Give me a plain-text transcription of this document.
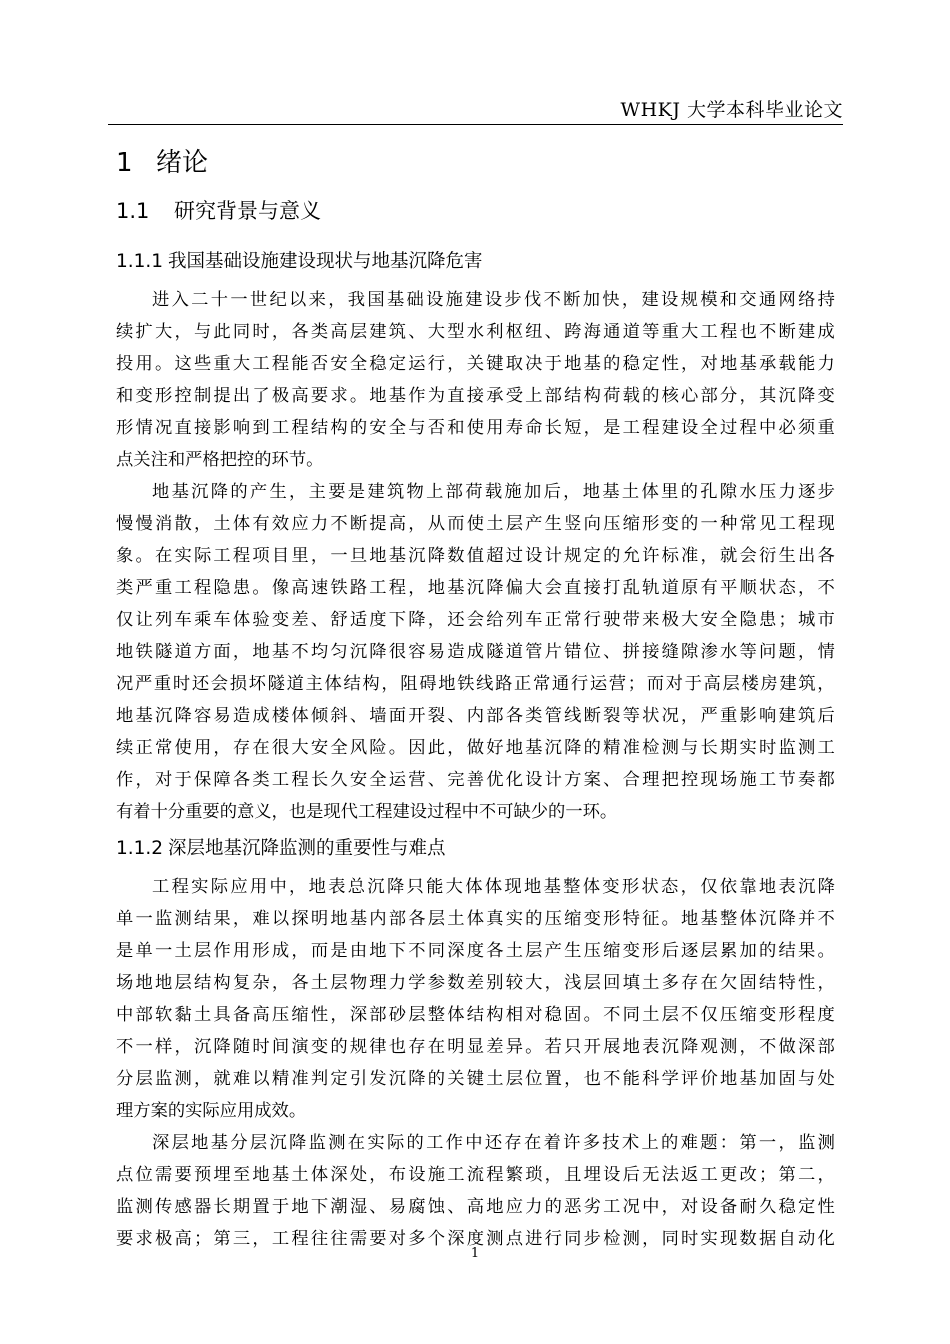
WHKJ 大学本科毕业论文
1 绪论
1.1 研究背景与意义
1.1.1 我国基础设施建设现状与地基沉降危害
进 入 二 十 一 世 纪 以 来 ， 我 国 基 础 设 施 建 设 步 伐 不 断 加 快 ， 建 设 规 模 和 交 通 网 络 持
续 扩 大 ， 与 此 同 时 ， 各 类 高 层 建 筑 、 大 型 水 利 枢 纽 、 跨 海 通 道 等 重 大 工 程 也 不 断 建 成
投 用 。 这 些 重 大 工 程 能 否 安 全 稳 定 运 行 ， 关 键 取 决 于 地 基 的 稳 定 性 ， 对 地 基 承 载 能 力
和 变 形 控 制 提 出 了 极 高 要 求 。 地 基 作 为 直 接 承 受 上 部 结 构 荷 载 的 核 心 部 分 ， 其 沉 降 变
形 情 况 直 接 影 响 到 工 程 结 构 的 安 全 与 否 和 使 用 寿 命 长 短 ， 是 工 程 建 设 全 过 程 中 必 须 重
点关注和严格把控的环节。
地 基 沉 降 的 产 生 ， 主 要 是 建 筑 物 上 部 荷 载 施 加 后 ， 地 基 土 体 里 的 孔 隙 水 压 力 逐 步
慢 慢 消 散 ， 土 体 有 效 应 力 不 断 提 高 ， 从 而 使 土 层 产 生 竖 向 压 缩 形 变 的 一 种 常 见 工 程 现
象 。 在 实 际 工 程 项 目 里 ， 一 旦 地 基 沉 降 数 值 超 过 设 计 规 定 的 允 许 标 准 ， 就 会 衍 生 出 各
类 严 重 工 程 隐 患 。 像 高 速 铁 路 工 程 ， 地 基 沉 降 偏 大 会 直 接 打 乱 轨 道 原 有 平 顺 状 态 ， 不
仅 让 列 车 乘 车 体 验 变 差 、 舒 适 度 下 降 ， 还 会 给 列 车 正 常 行 驶 带 来 极 大 安 全 隐 患 ； 城 市
地 铁 隧 道 方 面 ， 地 基 不 均 匀 沉 降 很 容 易 造 成 隧 道 管 片 错 位 、 拼 接 缝 隙 渗 水 等 问 题 ， 情
况 严 重 时 还 会 损 坏 隧 道 主 体 结 构 ， 阻 碍 地 铁 线 路 正 常 通 行 运 营 ； 而 对 于 高 层 楼 房 建 筑 ，
地 基 沉 降 容 易 造 成 楼 体 倾 斜 、 墙 面 开 裂 、 内 部 各 类 管 线 断 裂 等 状 况 ， 严 重 影 响 建 筑 后
续 正 常 使 用 ， 存 在 很 大 安 全 风 险 。 因 此 ， 做 好 地 基 沉 降 的 精 准 检 测 与 长 期 实 时 监 测 工
作 ， 对 于 保 障 各 类 工 程 长 久 安 全 运 营 、 完 善 优 化 设 计 方 案 、 合 理 把 控 现 场 施 工 节 奏 都
有着十分重要的意义，也是现代工程建设过程中不可缺少的一环。
1.1.2 深层地基沉降监测的重要性与难点
工 程 实 际 应 用 中 ， 地 表 总 沉 降 只 能 大 体 体 现 地 基 整 体 变 形 状 态 ， 仅 依 靠 地 表 沉 降
单 一 监 测 结 果 ， 难 以 探 明 地 基 内 部 各 层 土 体 真 实 的 压 缩 变 形 特 征 。 地 基 整 体 沉 降 并 不
是 单 一 土 层 作 用 形 成 ， 而 是 由 地 下 不 同 深 度 各 土 层 产 生 压 缩 变 形 后 逐 层 累 加 的 结 果 。
场 地 地 层 结 构 复 杂 ， 各 土 层 物 理 力 学 参 数 差 别 较 大 ， 浅 层 回 填 土 多 存 在 欠 固 结 特 性 ，
中 部 软 黏 土 具 备 高 压 缩 性 ， 深 部 砂 层 整 体 结 构 相 对 稳 固 。 不 同 土 层 不 仅 压 缩 变 形 程 度
不 一 样 ， 沉 降 随 时 间 演 变 的 规 律 也 存 在 明 显 差 异 。 若 只 开 展 地 表 沉 降 观 测 ， 不 做 深 部
分 层 监 测 ， 就 难 以 精 准 判 定 引 发 沉 降 的 关 键 土 层 位 置 ， 也 不 能 科 学 评 价 地 基 加 固 与 处
理方案的实际应用成效。
深 层 地 基 分 层 沉 降 监 测 在 实 际 的 工 作 中 还 存 在 着 许 多 技 术 上 的 难 题 ： 第 一 ， 监 测
点 位 需 要 预 埋 至 地 基 土 体 深 处 ， 布 设 施 工 流 程 繁 琐 ， 且 埋 设 后 无 法 返 工 更 改 ； 第 二 ，
监 测 传 感 器 长 期 置 于 地 下 潮 湿 、 易 腐 蚀 、 高 地 应 力 的 恶 劣 工 况 中 ， 对 设 备 耐 久 稳 定 性
要 求 极 高 ； 第 三 ， 工 程 往 往 需 要 对 多 个 深 度 测 点 进 行 同 步 检 测 ， 同 时 实 现 数 据 自 动 化
1
